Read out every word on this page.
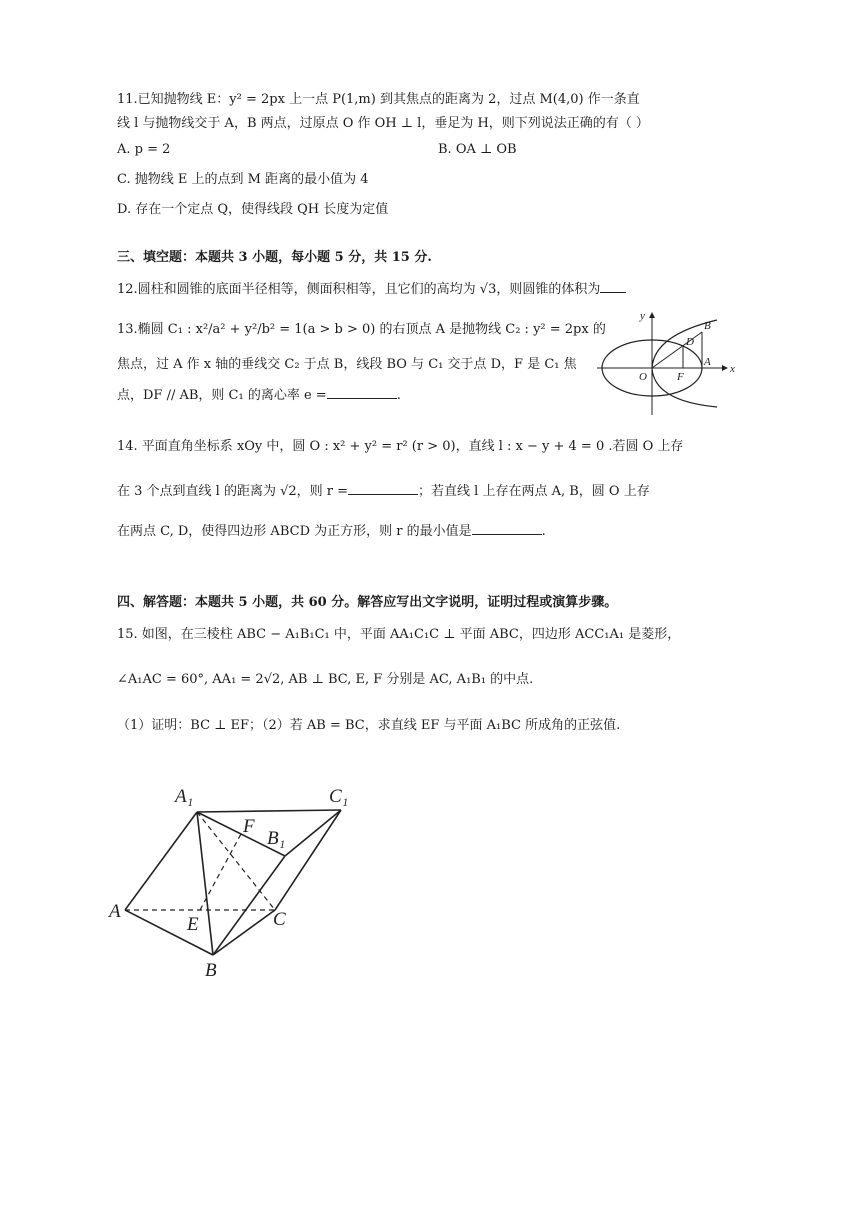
11.已知抛物线 E：y² = 2px 上一点 P(1,m) 到其焦点的距离为 2，过点 M(4,0) 作一条直
线 l 与抛物线交于 A，B 两点，过原点 O 作 OH ⊥ l，垂足为 H，则下列说法正确的有（ ）
A. p = 2	B. OA ⊥ OB
C. 抛物线 E 上的点到 M 距离的最小值为 4
D. 存在一个定点 Q，使得线段 QH 长度为定值
三、填空题：本题共 3 小题，每小题 5 分，共 15 分.
12.圆柱和圆锥的底面半径相等，侧面积相等，且它们的高均为 √3，则圆锥的体积为
13.椭圆 C₁ : x²/a² + y²/b² = 1(a > b > 0) 的右顶点 A 是抛物线 C₂ : y² = 2px 的
焦点，过 A 作 x 轴的垂线交 C₂ 于点 B，线段 BO 与 C₁ 交于点 D，F 是 C₁ 焦
点，DF // AB，则 C₁ 的离心率 e =	.
y
x
O	F
A
B
D
14. 平面直角坐标系 xOy 中，圆 O : x² + y² = r² (r > 0)，直线 l : x − y + 4 = 0 .若圆 O 上存
在 3 个点到直线 l 的距离为 √2，则 r =	；若直线 l 上存在两点 A, B，圆 O 上存
在两点 C, D，使得四边形 ABCD 为正方形，则 r 的最小值是	.
四、解答题：本题共 5 小题，共 60 分。解答应写出文字说明，证明过程或演算步骤。
15. 如图，在三棱柱 ABC − A₁B₁C₁ 中，平面 AA₁C₁C ⊥ 平面 ABC，四边形 ACC₁A₁ 是菱形，
∠A₁AC = 60°, AA₁ = 2√2, AB ⊥ BC, E, F 分别是 AC, A₁B₁ 的中点.
（1）证明：BC ⊥ EF；（2）若 AB = BC，求直线 EF 与平面 A₁BC 所成角的正弦值.
A₁	C₁
F
B₁
A
E	C
B
